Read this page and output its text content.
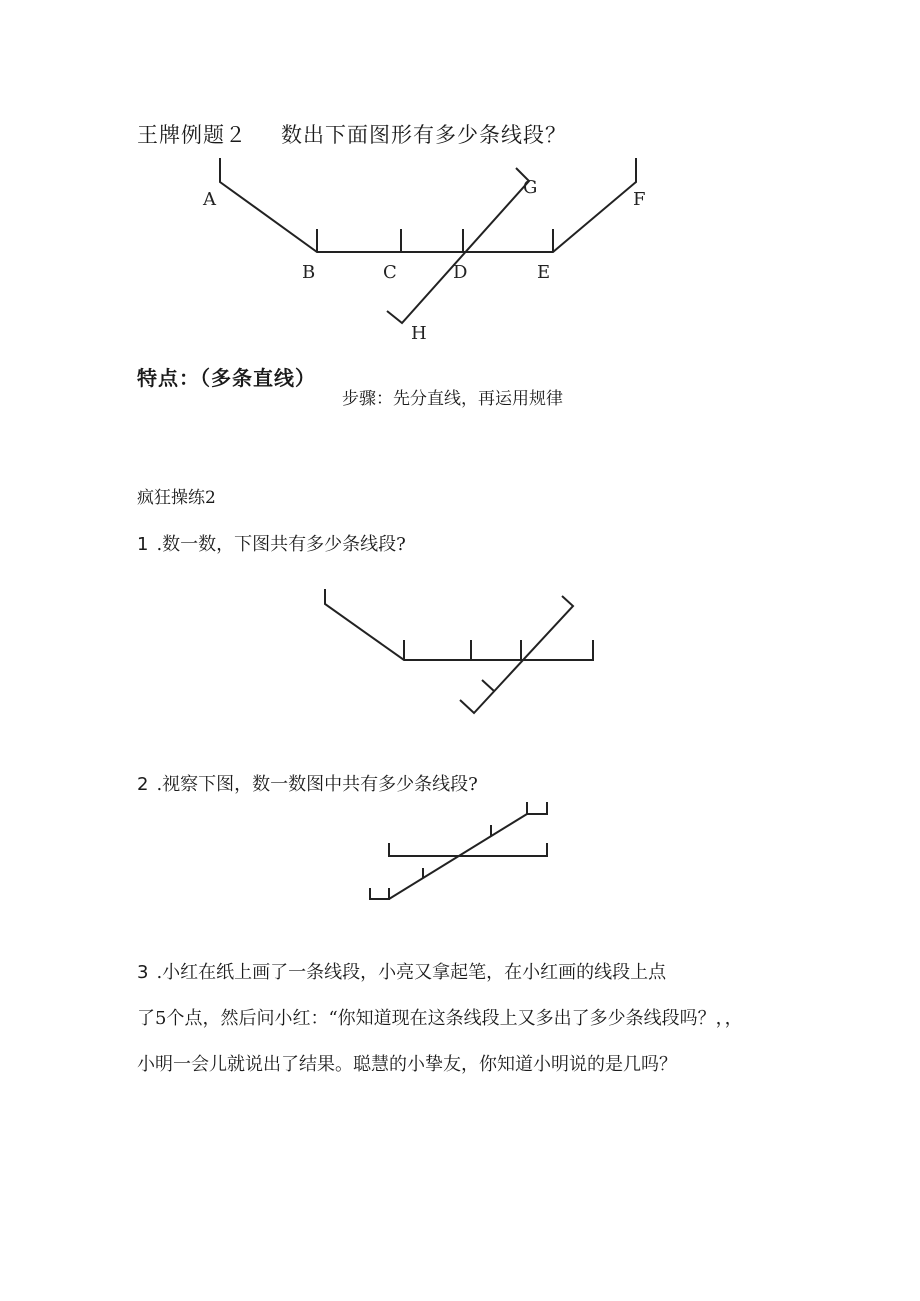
王牌例题２ 数出下面图形有多少条线段？
A
B	C	D	E
F
G
H
特点：（多条直线）
步骤：先分直线，再运用规律
疯狂操练2
1 .数一数，下图共有多少条线段?
2 .视察下图，数一数图中共有多少条线段?
3 .小红在纸上画了一条线段，小亮又拿起笔，在小红画的线段上点
了5个点，然后问小红：“你知道现在这条线段上又多出了多少条线段吗？，，
小明一会儿就说出了结果。聪慧的小挚友，你知道小明说的是几吗？
